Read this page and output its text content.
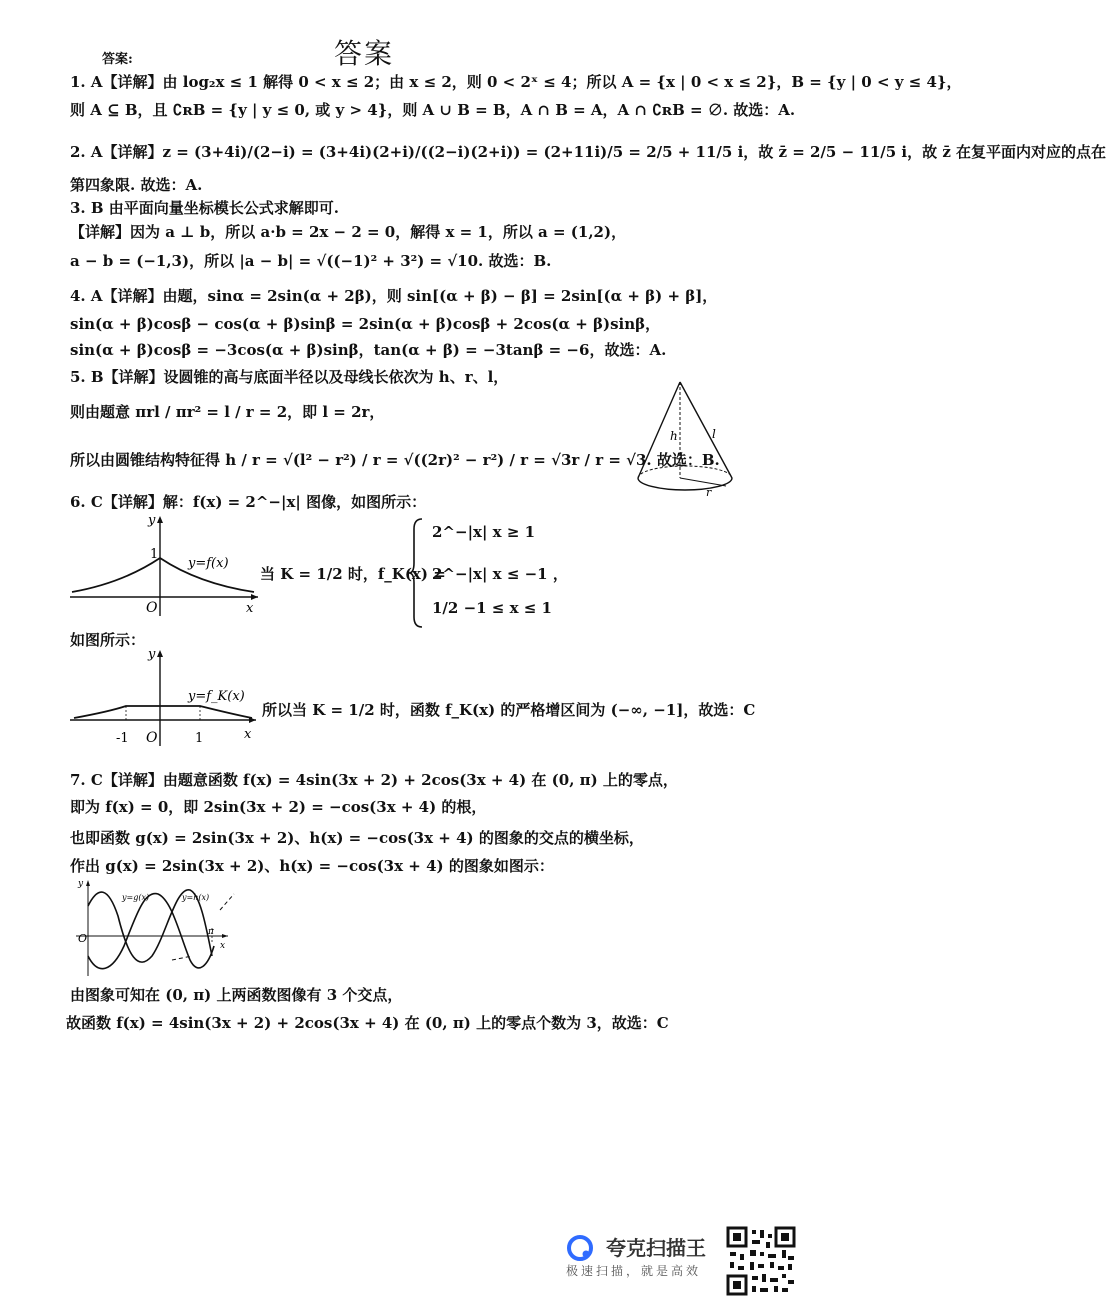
答案:	答案
1. A【详解】由 log₂x ≤ 1 解得 0 < x ≤ 2；由 x ≤ 2，则 0 < 2ˣ ≤ 4；所以 A = {x | 0 < x ≤ 2}，B = {y | 0 < y ≤ 4}，
则 A ⊆ B，且 ∁ʀB = {y | y ≤ 0, 或 y > 4}，则 A ∪ B = B，A ∩ B = A，A ∩ ∁ʀB = ∅. 故选：A.
2. A【详解】z = (3+4i)/(2−i) = (3+4i)(2+i)/((2−i)(2+i)) = (2+11i)/5 = 2/5 + 11/5 i，故 z̄ = 2/5 − 11/5 i，故 z̄ 在复平面内对应的点在
第四象限. 故选：A.
3. B 由平面向量坐标模长公式求解即可.
【详解】因为 a ⊥ b，所以 a·b = 2x − 2 = 0，解得 x = 1，所以 a = (1,2)，
a − b = (−1,3)，所以 |a − b| = √((−1)² + 3²) = √10. 故选：B.
4. A【详解】由题，sinα = 2sin(α + 2β)，则 sin[(α + β) − β] = 2sin[(α + β) + β]，
sin(α + β)cosβ − cos(α + β)sinβ = 2sin(α + β)cosβ + 2cos(α + β)sinβ，
sin(α + β)cosβ = −3cos(α + β)sinβ，tan(α + β) = −3tanβ = −6，故选：A.
5. B【详解】设圆锥的高与底面半径以及母线长依次为 h、r、l，
则由题意 πrl / πr² = l / r = 2，即 l = 2r，
所以由圆锥结构特征得 h / r = √(l² − r²) / r = √((2r)² − r²) / r = √3r / r = √3. 故选：B.
h	l
r
6. C【详解】解：f(x) = 2^−|x| 图像，如图所示：
y
x
O
1
y=f(x)
当 K = 1/2 时，f_K(x) =
2^−|x| x ≥ 1
2^−|x| x ≤ −1 ，
1/2 −1 ≤ x ≤ 1
如图所示：
y
x
O
-1	1
y=f_K(x)
所以当 K = 1/2 时，函数 f_K(x) 的严格增区间为 (−∞, −1]，故选：C
7. C【详解】由题意函数 f(x) = 4sin(3x + 2) + 2cos(3x + 4) 在 (0, π) 上的零点，
即为 f(x) = 0，即 2sin(3x + 2) = −cos(3x + 4) 的根，
也即函数 g(x) = 2sin(3x + 2)、h(x) = −cos(3x + 4) 的图象的交点的横坐标，
作出 g(x) = 2sin(3x + 2)、h(x) = −cos(3x + 4) 的图象如图示：
y
x
O	π
y=g(x)	y=h(x)
由图象可知在 (0, π) 上两函数图像有 3 个交点，
故函数 f(x) = 4sin(3x + 2) + 2cos(3x + 4) 在 (0, π) 上的零点个数为 3，故选：C
夸克扫描王
极速扫描，就是高效
